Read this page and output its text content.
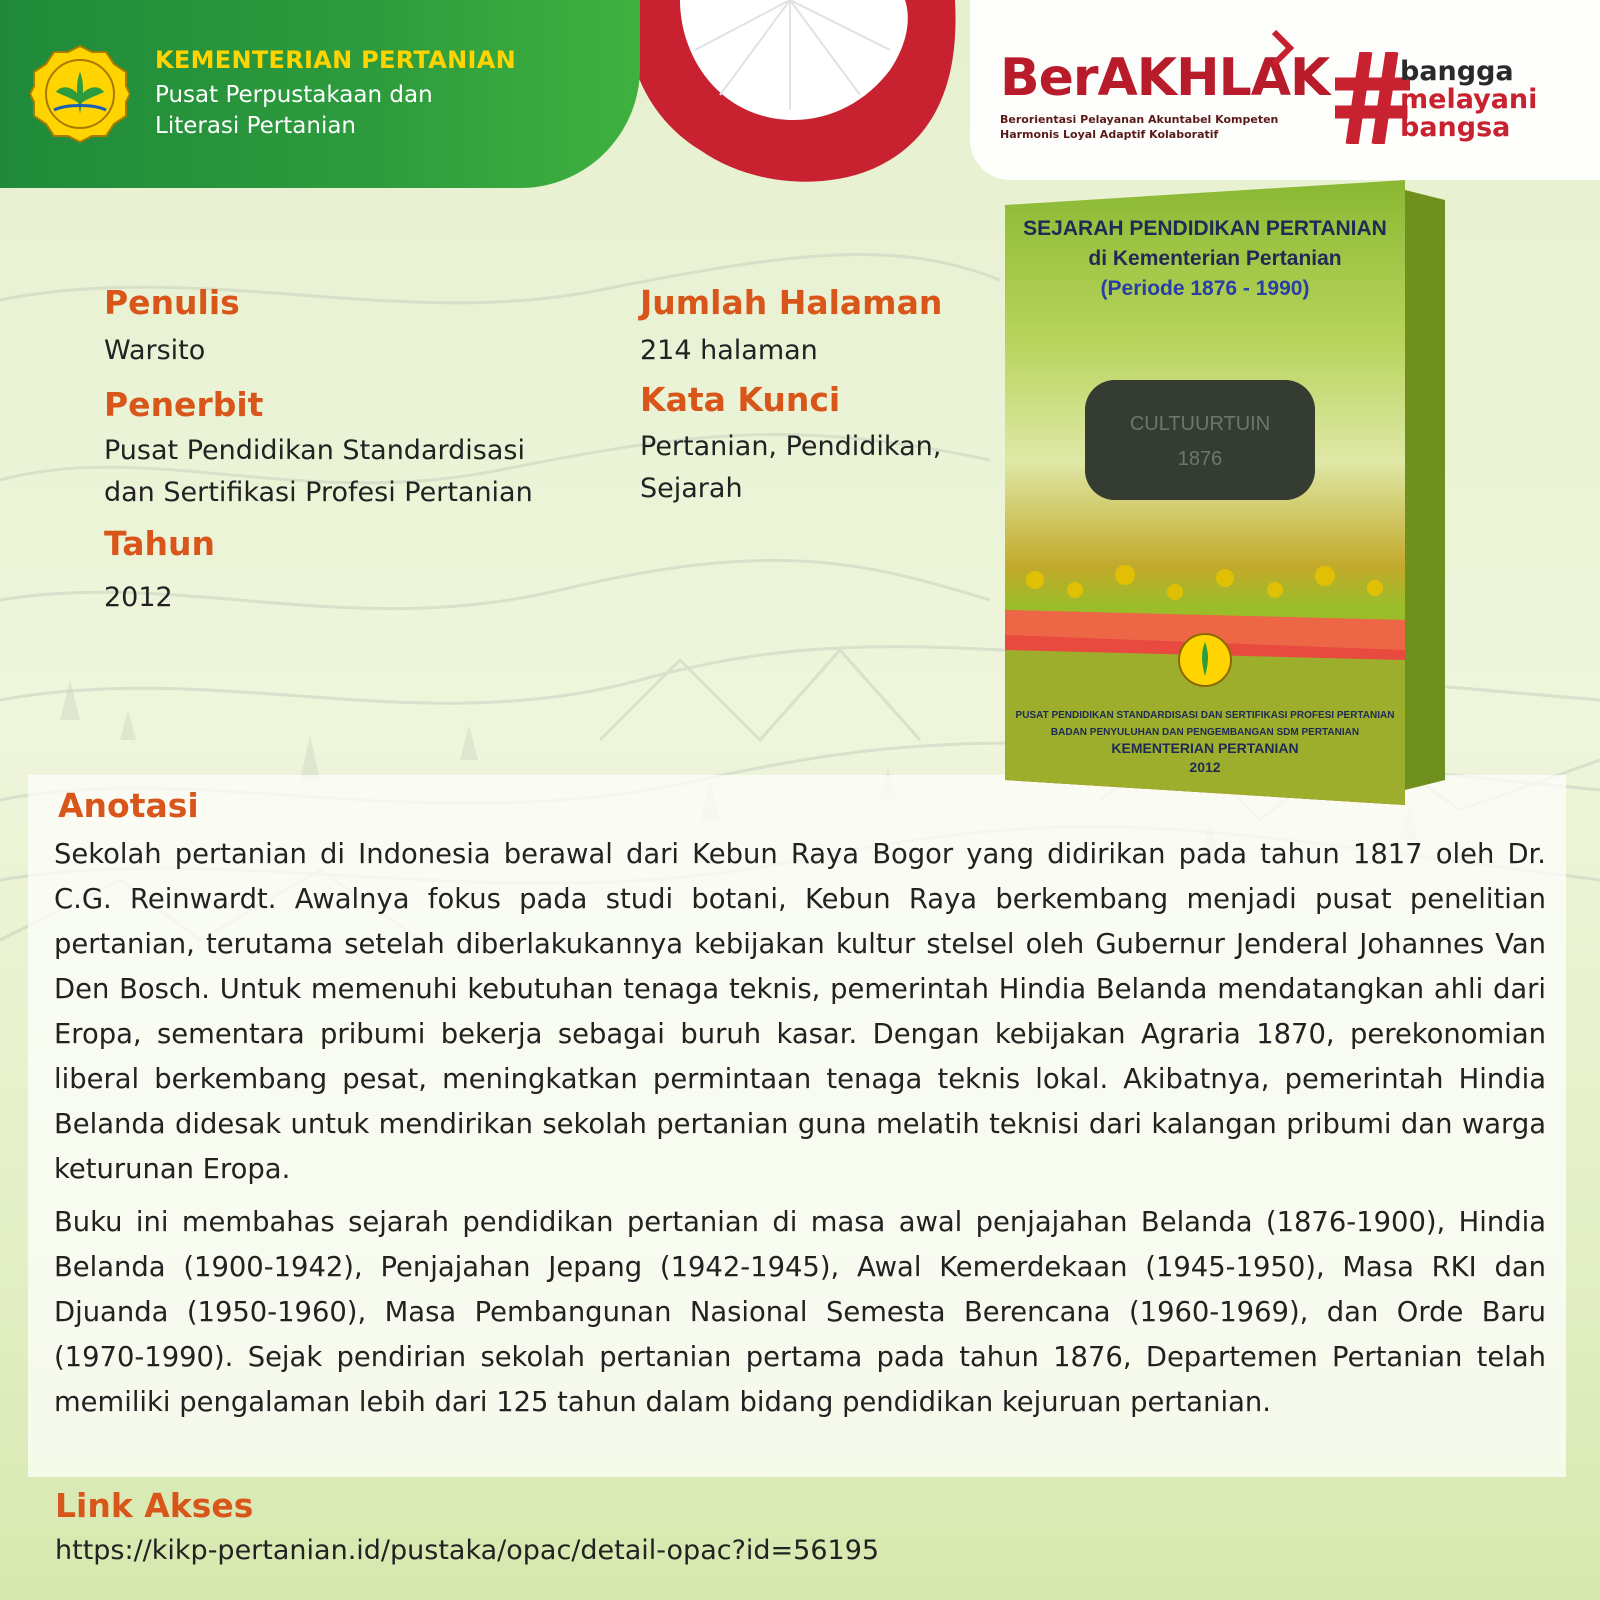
KEMENTERIAN PERTANIAN
Pusat Perpustakaan dan
Literasi Pertanian
BerAKHLAK
Berorientasi Pelayanan Akuntabel Kompeten
Harmonis Loyal Adaptif Kolaboratif
bangga
melayani
bangsa
SEJARAH PENDIDIKAN PERTANIAN
di Kementerian Pertanian
(Periode 1876 - 1990)
CULTUURTUIN
1876
PUSAT PENDIDIKAN STANDARDISASI DAN SERTIFIKASI PROFESI PERTANIAN
BADAN PENYULUHAN DAN PENGEMBANGAN SDM PERTANIAN
KEMENTERIAN PERTANIAN
2012
Penulis
Warsito
Penerbit
Pusat Pendidikan Standardisasi
dan Sertifikasi Profesi Pertanian
Tahun
2012
Jumlah Halaman
214 halaman
Kata Kunci
Pertanian, Pendidikan,
Sejarah
Anotasi

Sekolah pertanian di Indonesia berawal dari Kebun Raya Bogor yang didirikan pada tahun 1817 oleh Dr. C.G. Reinwardt. Awalnya fokus pada studi botani, Kebun Raya berkembang menjadi pusat penelitian pertanian, terutama setelah diberlakukannya kebijakan kultur stelsel oleh Gubernur Jenderal Johannes Van Den Bosch. Untuk memenuhi kebutuhan tenaga teknis, pemerintah Hindia Belanda mendatangkan ahli dari Eropa, sementara pribumi bekerja sebagai buruh kasar. Dengan kebijakan Agraria 1870, perekonomian liberal berkembang pesat, meningkatkan permintaan tenaga teknis lokal. Akibatnya, pemerintah Hindia Belanda didesak untuk mendirikan sekolah pertanian guna melatih teknisi dari kalangan pribumi dan warga keturunan Eropa.

Buku ini membahas sejarah pendidikan pertanian di masa awal penjajahan Belanda (1876-1900), Hindia Belanda (1900-1942), Penjajahan Jepang (1942-1945), Awal Kemerdekaan (1945-1950), Masa RKI dan Djuanda (1950-1960), Masa Pembangunan Nasional Semesta Berencana (1960-1969), dan Orde Baru (1970-1990). Sejak pendirian sekolah pertanian pertama pada tahun 1876, Departemen Pertanian telah memiliki pengalaman lebih dari 125 tahun dalam bidang pendidikan kejuruan pertanian.

Link Akses
https://kikp-pertanian.id/pustaka/opac/detail-opac?id=56195
